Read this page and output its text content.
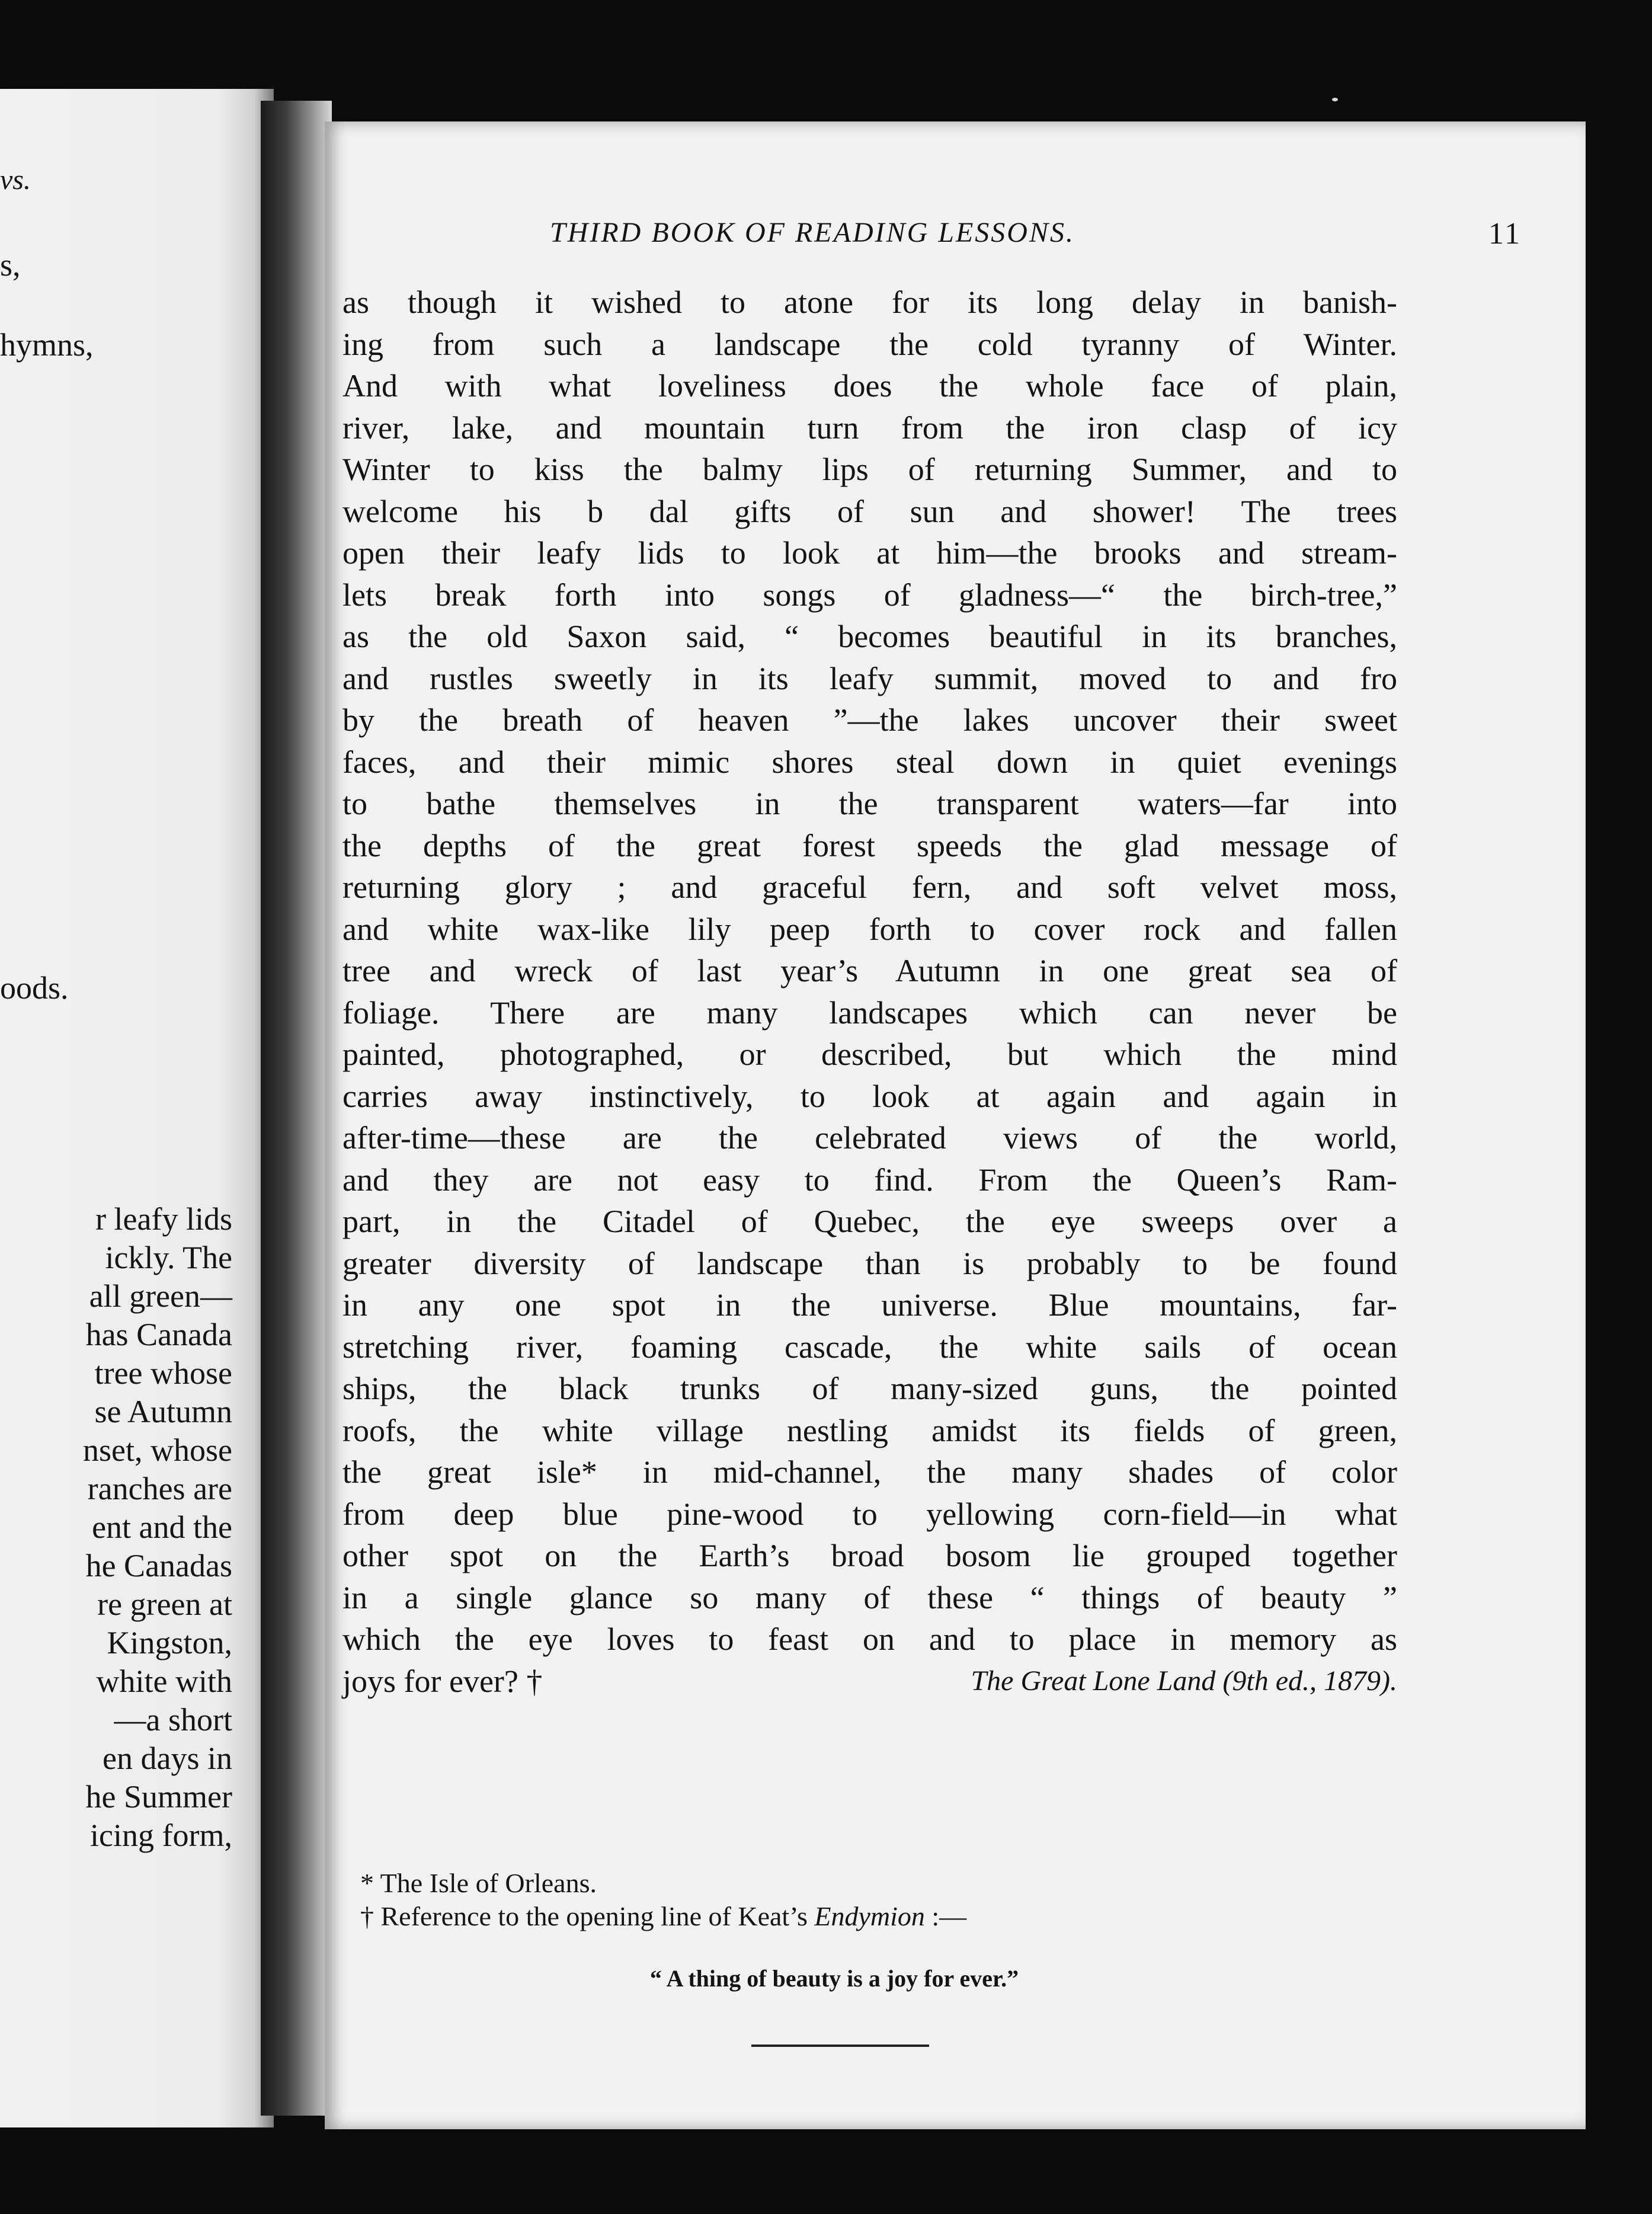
vs.
s,
hymns,
oods.
r leafy lids
ickly. The
all green—
has Canada
tree whose
se Autumn
nset, whose
ranches are
ent and the
he Canadas
re green at
Kingston,
white with
—a short
en days in
he Summer
icing form,
THIRD BOOK OF READING LESSONS.	11
as though it wished to atone for its long delay in banish-
ing from such a landscape the cold tyranny of Winter.
And with what loveliness does the whole face of plain,
river, lake, and mountain turn from the iron clasp of icy
Winter to kiss the balmy lips of returning Summer, and to
welcome his b dal gifts of sun and shower! The trees
open their leafy lids to look at him—the brooks and stream-
lets break forth into songs of gladness—“ the birch-tree,”
as the old Saxon said, “ becomes beautiful in its branches,
and rustles sweetly in its leafy summit, moved to and fro
by the breath of heaven ”—the lakes uncover their sweet
faces, and their mimic shores steal down in quiet evenings
to bathe themselves in the transparent waters—far into
the depths of the great forest speeds the glad message of
returning glory ; and graceful fern, and soft velvet moss,
and white wax-like lily peep forth to cover rock and fallen
tree and wreck of last year’s Autumn in one great sea of
foliage. There are many landscapes which can never be
painted, photographed, or described, but which the mind
carries away instinctively, to look at again and again in
after-time—these are the celebrated views of the world,
and they are not easy to find. From the Queen’s Ram-
part, in the Citadel of Quebec, the eye sweeps over a
greater diversity of landscape than is probably to be found
in any one spot in the universe. Blue mountains, far-
stretching river, foaming cascade, the white sails of ocean
ships, the black trunks of many-sized guns, the pointed
roofs, the white village nestling amidst its fields of green,
the great isle* in mid-channel, the many shades of color
from deep blue pine-wood to yellowing corn-field—in what
other spot on the Earth’s broad bosom lie grouped together
in a single glance so many of these “ things of beauty ”
which the eye loves to feast on and to place in memory as
joys for ever? †	The Great Lone Land (9th ed., 1879).
* The Isle of Orleans.
† Reference to the opening line of Keat’s Endymion :—
“ A thing of beauty is a joy for ever.”
